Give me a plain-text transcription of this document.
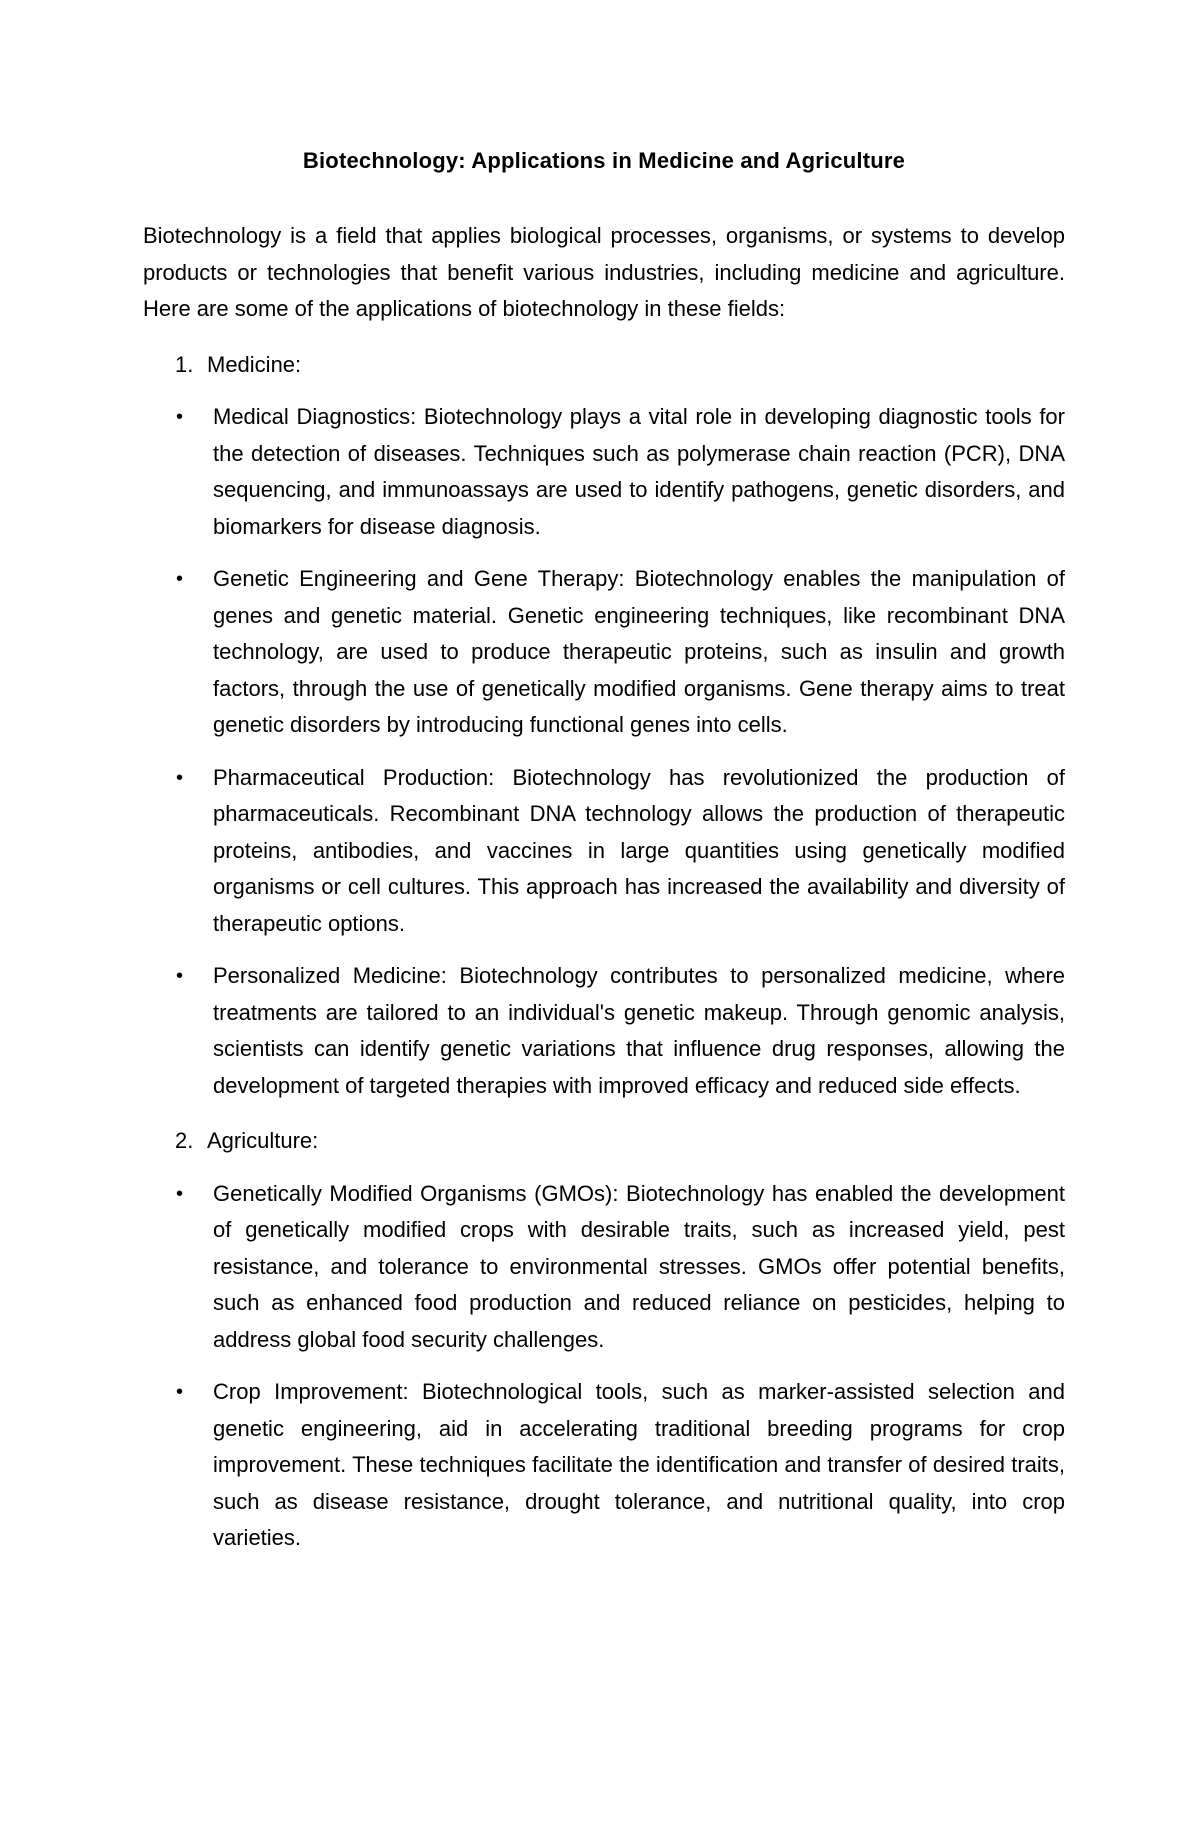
Biotechnology: Applications in Medicine and Agriculture

Biotechnology is a field that applies biological processes, organisms, or systems to develop products or technologies that benefit various industries, including medicine and agriculture. Here are some of the applications of biotechnology in these fields:

1. Medicine:
• Medical Diagnostics: Biotechnology plays a vital role in developing diagnostic tools for the detection of diseases. Techniques such as polymerase chain reaction (PCR), DNA sequencing, and immunoassays are used to identify pathogens, genetic disorders, and biomarkers for disease diagnosis.
• Genetic Engineering and Gene Therapy: Biotechnology enables the manipulation of genes and genetic material. Genetic engineering techniques, like recombinant DNA technology, are used to produce therapeutic proteins, such as insulin and growth factors, through the use of genetically modified organisms. Gene therapy aims to treat genetic disorders by introducing functional genes into cells.
• Pharmaceutical Production: Biotechnology has revolutionized the production of pharmaceuticals. Recombinant DNA technology allows the production of therapeutic proteins, antibodies, and vaccines in large quantities using genetically modified organisms or cell cultures. This approach has increased the availability and diversity of therapeutic options.
• Personalized Medicine: Biotechnology contributes to personalized medicine, where treatments are tailored to an individual's genetic makeup. Through genomic analysis, scientists can identify genetic variations that influence drug responses, allowing the development of targeted therapies with improved efficacy and reduced side effects.
2. Agriculture:
• Genetically Modified Organisms (GMOs): Biotechnology has enabled the development of genetically modified crops with desirable traits, such as increased yield, pest resistance, and tolerance to environmental stresses. GMOs offer potential benefits, such as enhanced food production and reduced reliance on pesticides, helping to address global food security challenges.
• Crop Improvement: Biotechnological tools, such as marker-assisted selection and genetic engineering, aid in accelerating traditional breeding programs for crop improvement. These techniques facilitate the identification and transfer of desired traits, such as disease resistance, drought tolerance, and nutritional quality, into crop varieties.
